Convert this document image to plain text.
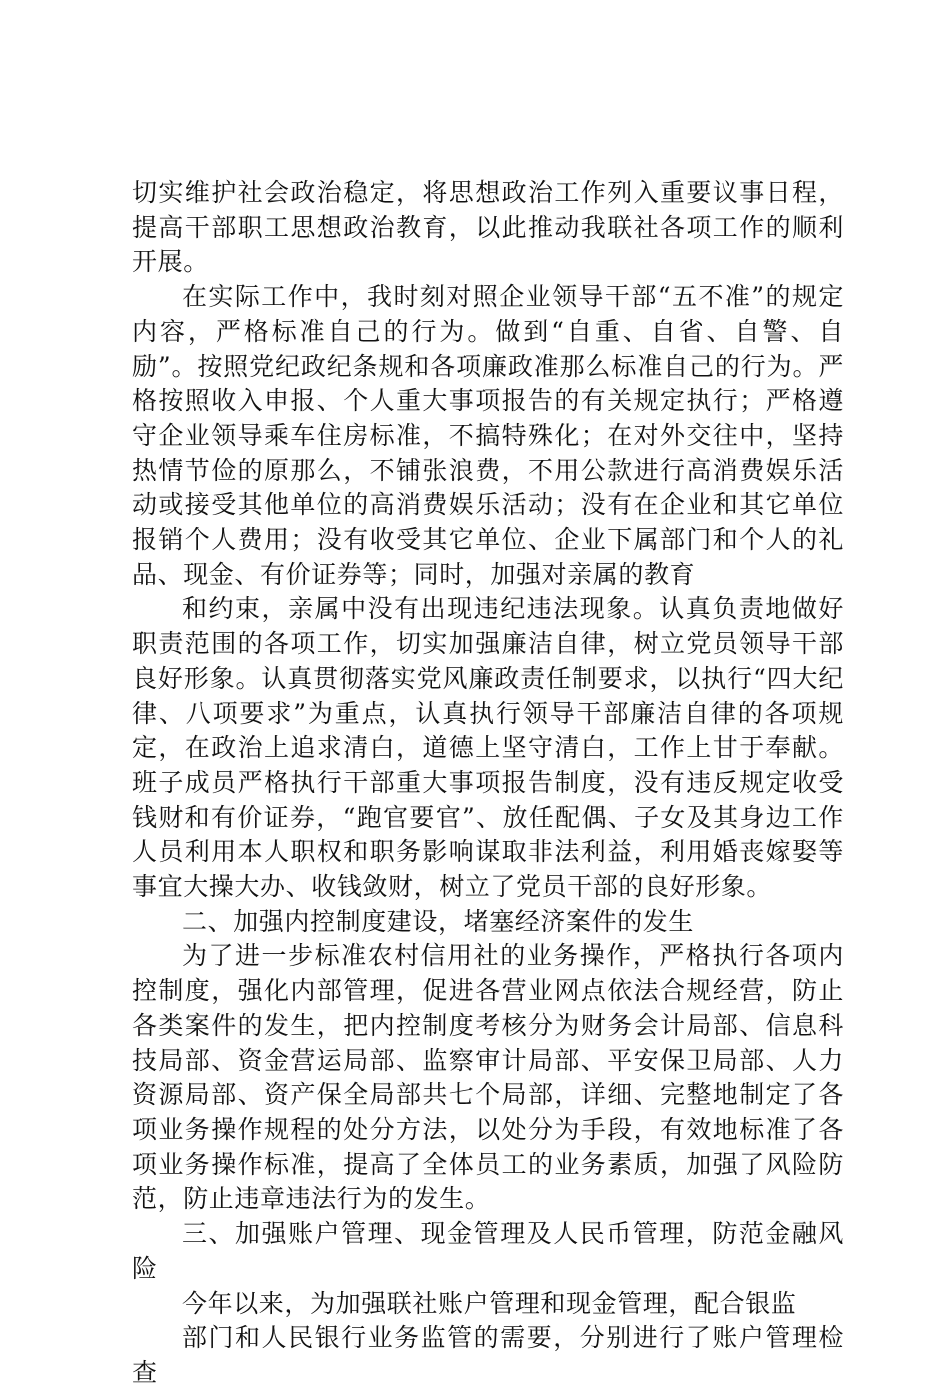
切实维护社会政治稳定，将思想政治工作列入重要议事日程，提高干部职工思想政治教育，以此推动我联社各项工作的顺利开展。

在实际工作中，我时刻对照企业领导干部“五不准”的规定内容，严格标准自己的行为。做到“自重、自省、自警、自励”。按照党纪政纪条规和各项廉政准那么标准自己的行为。严格按照收入申报、个人重大事项报告的有关规定执行；严格遵守企业领导乘车住房标准，不搞特殊化；在对外交往中，坚持热情节俭的原那么，不铺张浪费，不用公款进行高消费娱乐活动或接受其他单位的高消费娱乐活动；没有在企业和其它单位报销个人费用；没有收受其它单位、企业下属部门和个人的礼品、现金、有价证券等；同时，加强对亲属的教育

和约束，亲属中没有出现违纪违法现象。认真负责地做好职责范围的各项工作，切实加强廉洁自律，树立党员领导干部良好形象。认真贯彻落实党风廉政责任制要求，以执行“四大纪律、八项要求”为重点，认真执行领导干部廉洁自律的各项规定，在政治上追求清白，道德上坚守清白，工作上甘于奉献。班子成员严格执行干部重大事项报告制度，没有违反规定收受钱财和有价证券，“跑官要官”、放任配偶、子女及其身边工作人员利用本人职权和职务影响谋取非法利益，利用婚丧嫁娶等事宜大操大办、收钱敛财，树立了党员干部的良好形象。

二、加强内控制度建设，堵塞经济案件的发生

为了进一步标准农村信用社的业务操作，严格执行各项内控制度，强化内部管理，促进各营业网点依法合规经营，防止各类案件的发生，把内控制度考核分为财务会计局部、信息科技局部、资金营运局部、监察审计局部、平安保卫局部、人力资源局部、资产保全局部共七个局部，详细、完整地制定了各项业务操作规程的处分方法，以处分为手段，有效地标准了各项业务操作标准，提高了全体员工的业务素质，加强了风险防范，防止违章违法行为的发生。

三、加强账户管理、现金管理及人民币管理，防范金融风险

今年以来，为加强联社账户管理和现金管理，配合银监

部门和人民银行业务监管的需要，分别进行了账户管理检查
